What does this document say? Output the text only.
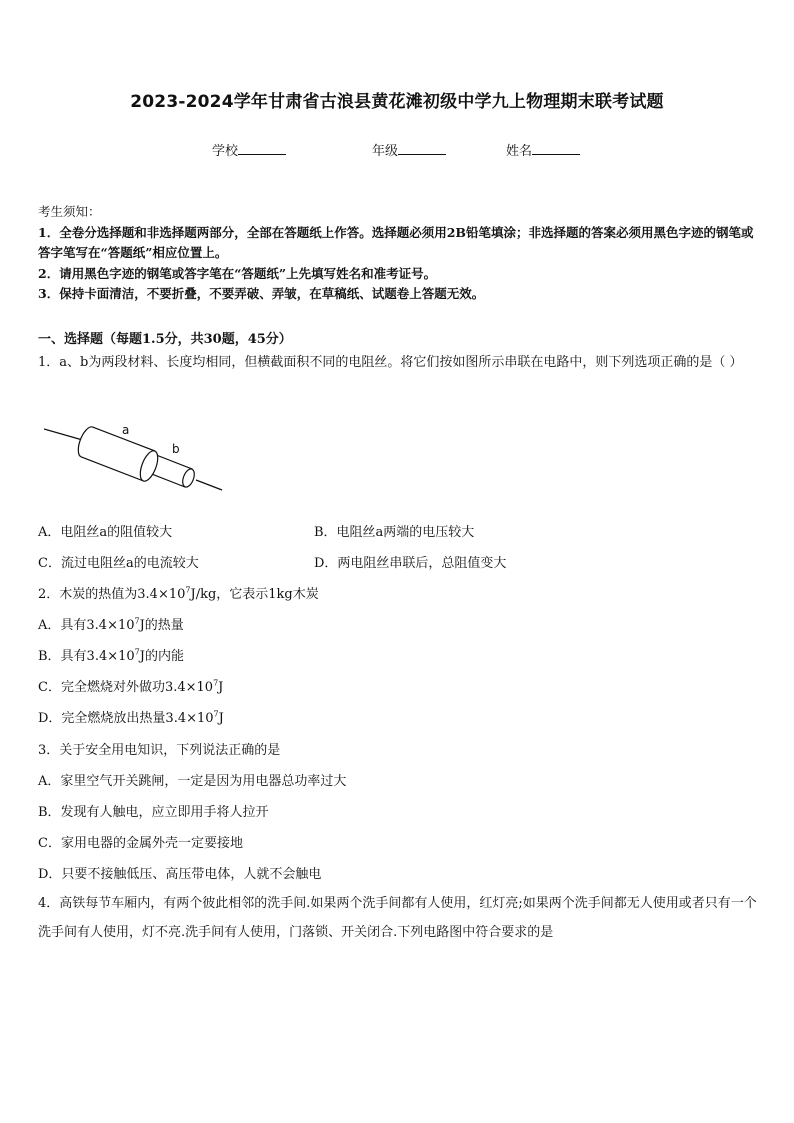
2023-2024学年甘肃省古浪县黄花滩初级中学九上物理期末联考试题
学校	年级	姓名
考生须知：
1．全卷分选择题和非选择题两部分，全部在答题纸上作答。选择题必须用2B铅笔填涂；非选择题的答案必须用黑色字迹的钢笔或答字笔写在“答题纸”相应位置上。
2．请用黑色字迹的钢笔或答字笔在“答题纸”上先填写姓名和准考证号。
3．保持卡面清洁，不要折叠，不要弄破、弄皱，在草稿纸、试题卷上答题无效。
一、选择题（每题1.5分，共30题，45分）
1．a、b为两段材料、长度均相同，但横截面积不同的电阻丝。将它们按如图所示串联在电路中，则下列选项正确的是（ ）
a
b
A．电阻丝a的阻值较大	B．电阻丝a两端的电压较大
C．流过电阻丝a的电流较大	D．两电阻丝串联后，总阻值变大
2．木炭的热值为$3.4\times 10^7J/kg$，它表示1kg木炭
A．具有$3.4\times 10^7J$的热量
B．具有$3.4\times 10^7J$的内能
C．完全燃烧对外做功$3.4\times 10^7J$
D．完全燃烧放出热量$3.4\times 10^7J$
3．关于安全用电知识，下列说法正确的是
A．家里空气开关跳闸，一定是因为用电器总功率过大
B．发现有人触电，应立即用手将人拉开
C．家用电器的金属外壳一定要接地
D．只要不接触低压、高压带电体，人就不会触电
4．高铁每节车厢内，有两个彼此相邻的洗手间.如果两个洗手间都有人使用，红灯亮;如果两个洗手间都无人使用或者只有一个洗手间有人使用，灯不亮.洗手间有人使用，门落锁、开关闭合.下列电路图中符合要求的是
